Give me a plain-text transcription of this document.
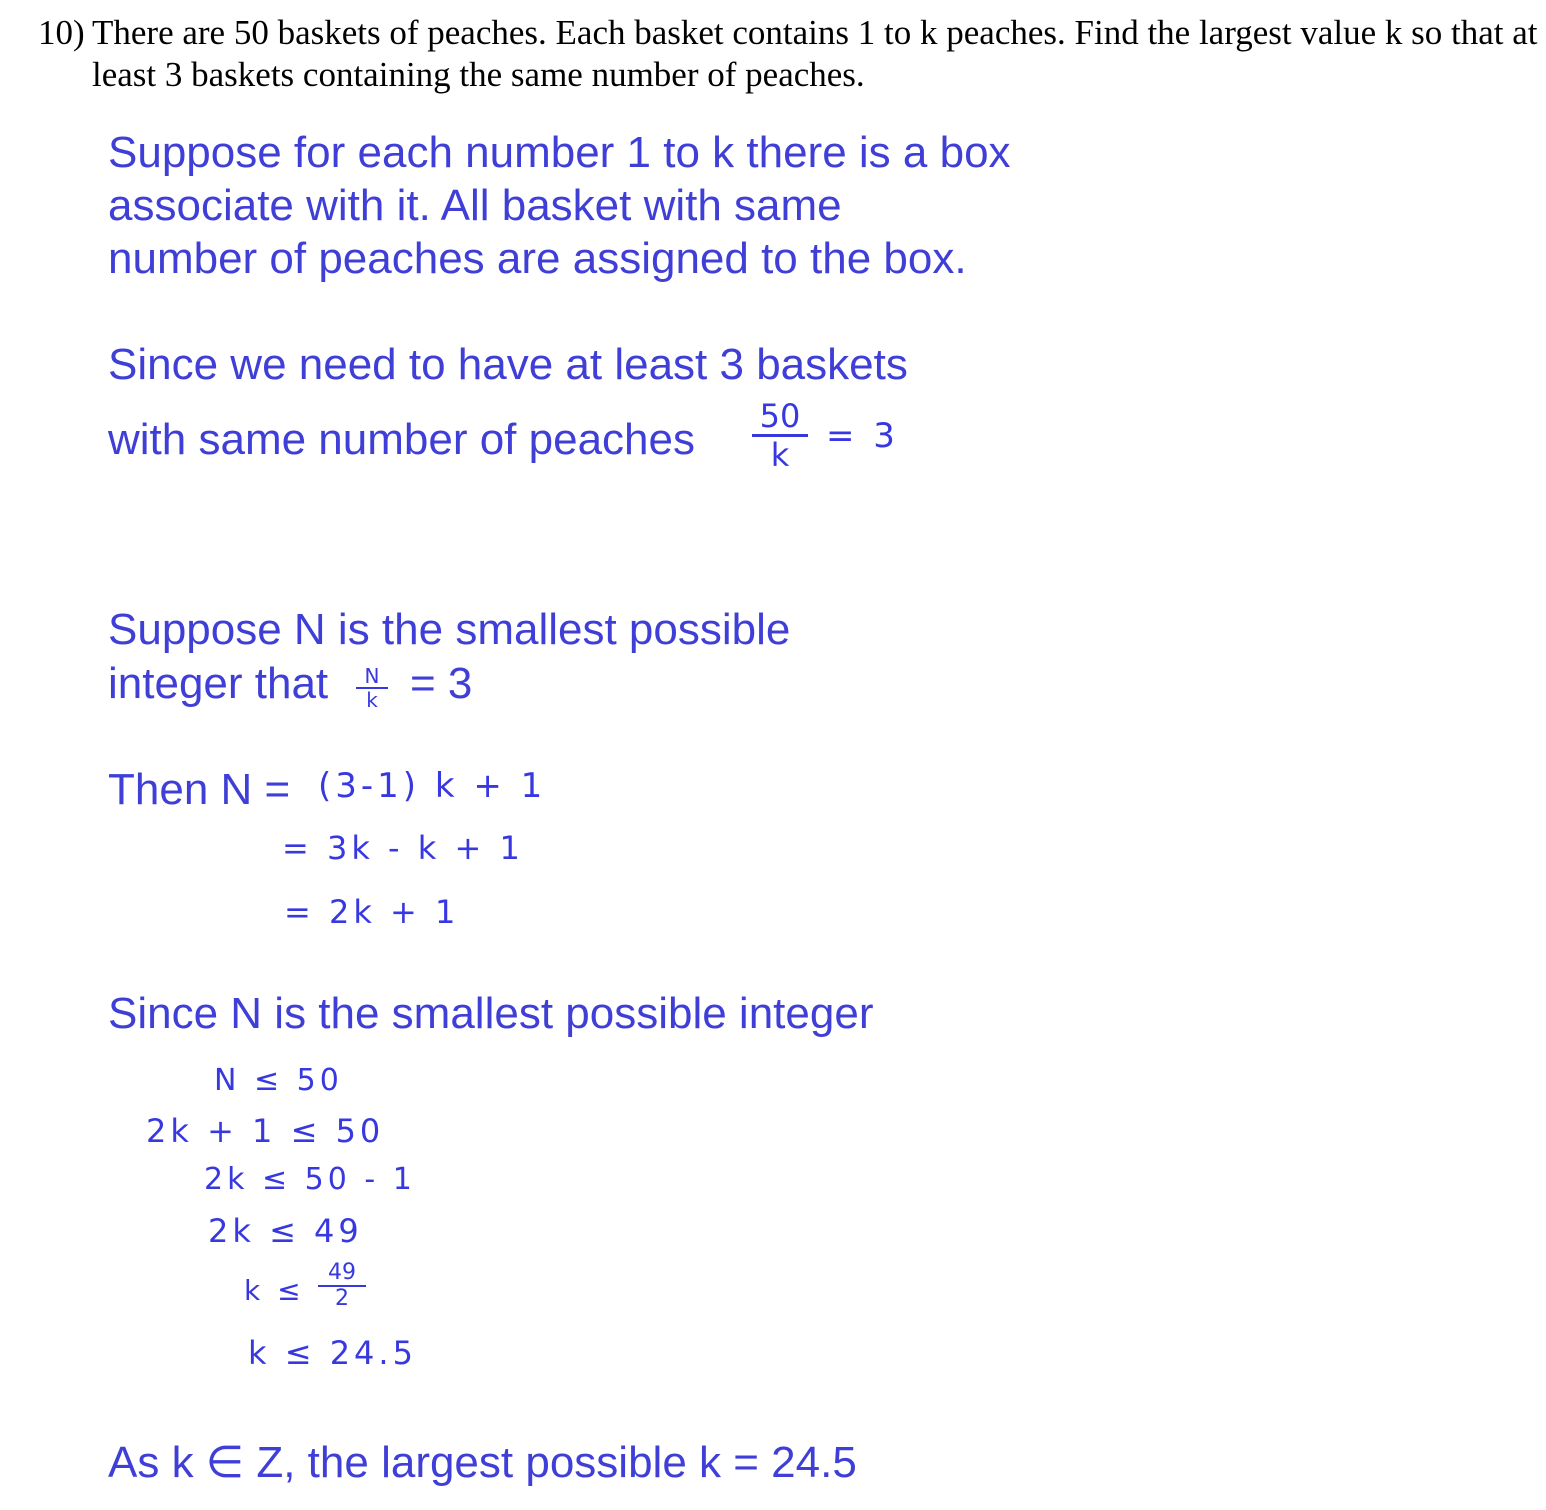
10) There are 50 baskets of peaches. Each basket contains 1 to k peaches. Find the largest value k so that at least 3 baskets containing the same number of peaches.
Suppose for each number 1 to k there is a box
associate with it. All basket with same
number of peaches are assigned to the box.
Since we need to have at least 3 baskets
with same number of peaches 50
k	= 3
Suppose N is the smallest possible
integer that	N
k = 3
Then N = (3-1) k + 1
= 3k - k + 1
= 2k + 1
Since N is the smallest possible integer
N ≤ 50
2k + 1 ≤ 50
2k ≤ 50 - 1
2k ≤ 49
k ≤
49
2
k ≤ 24.5
As k ∈ Z, the largest possible k = 24.5
